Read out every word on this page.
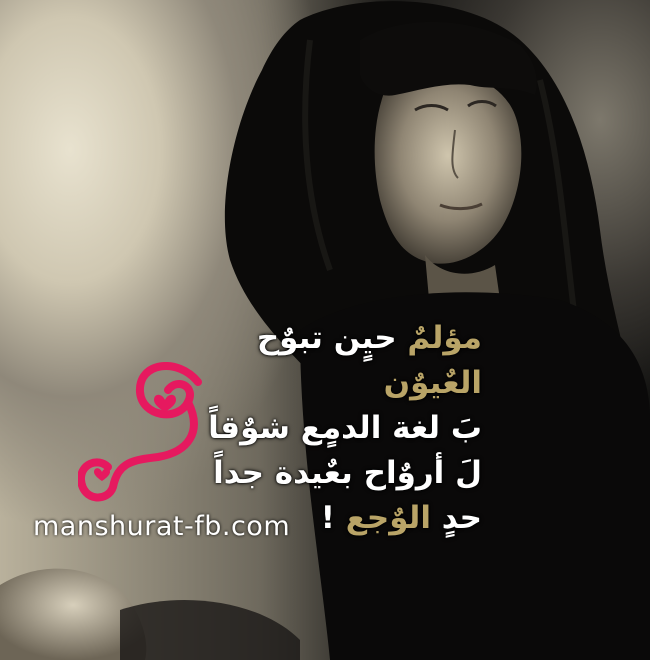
مؤلمٌ حيٍن تبوٌح
العٌيوٌن
بَ لغة الدمٍع شوٌقاً
لَ أروٌاح بعٌيدة جداً
حدٍ الوٌجع !
manshurat-fb.com
